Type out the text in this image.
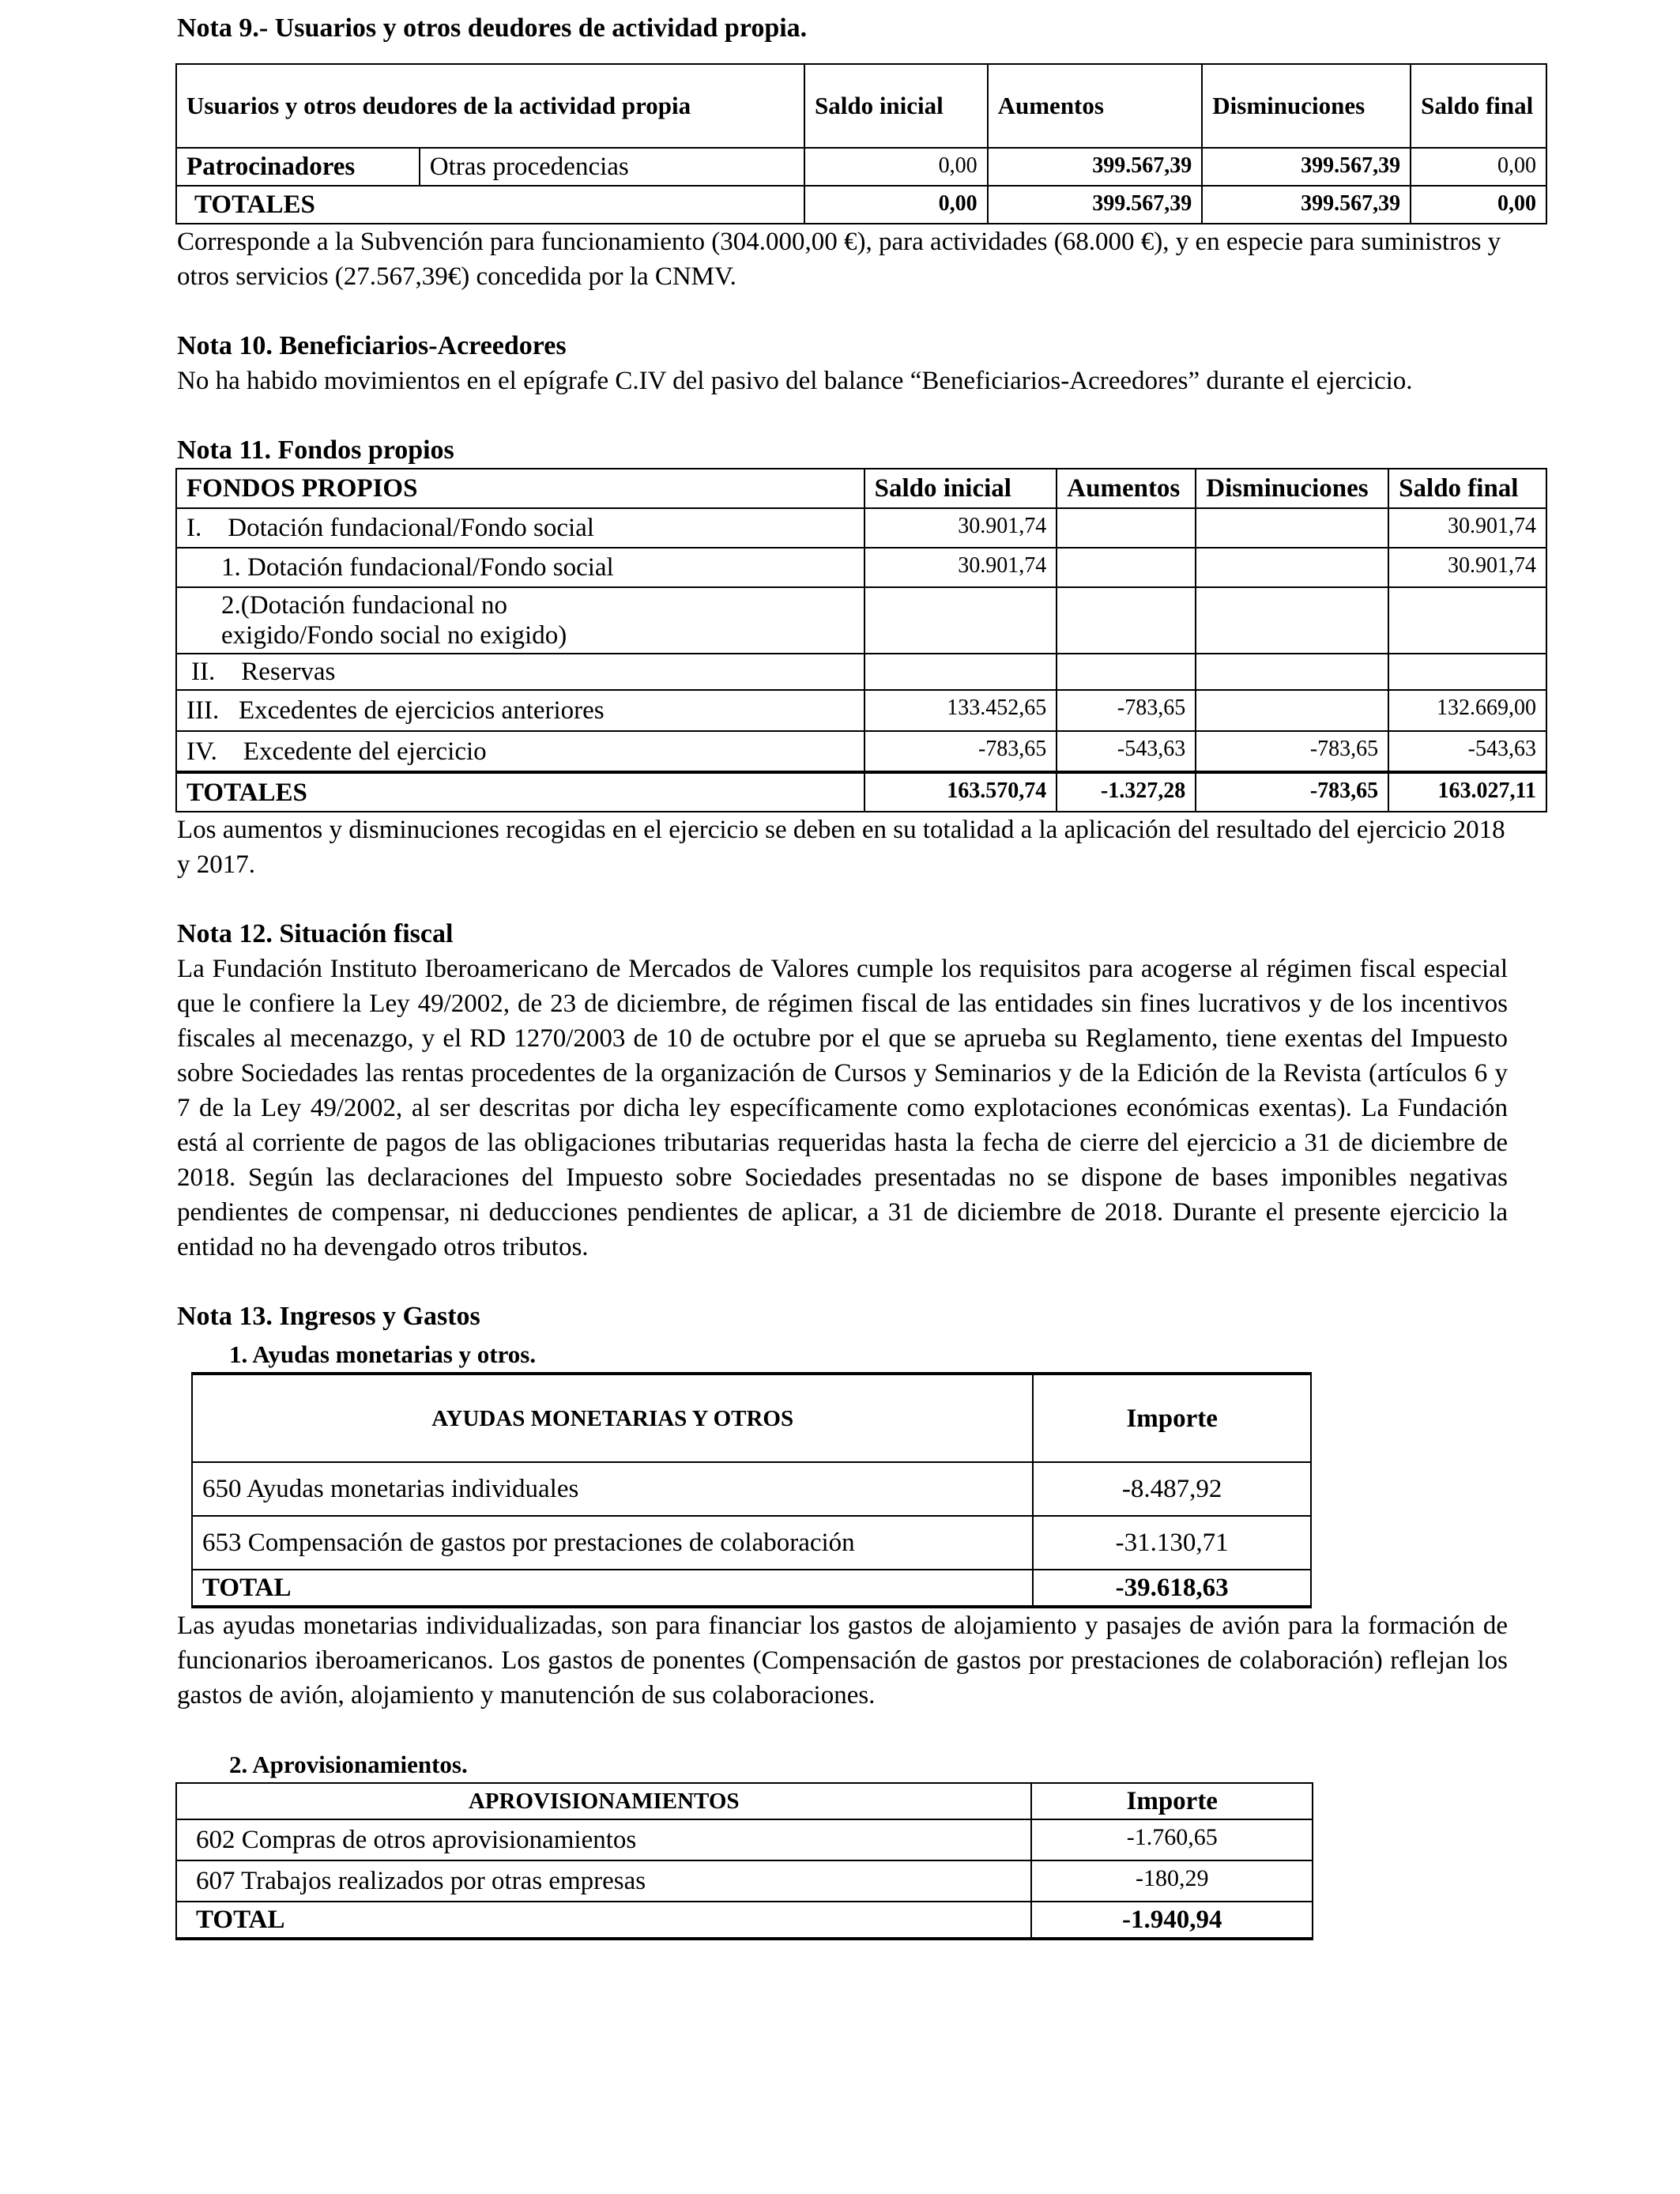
Nota 9.- Usuarios y otros deudores de actividad propia.
Usuarios y otros deudores de la actividad propia		Saldo inicial	Aumentos	Disminuciones	Saldo final
Patrocinadores	Otras procedencias	0,00	399.567,39	399.567,39	0,00
TOTALES		0,00	399.567,39	399.567,39	0,00
Corresponde a la Subvención para funcionamiento (304.000,00 €), para actividades (68.000 €), y en especie para suministros y otros servicios (27.567,39€) concedida por la CNMV.
Nota 10. Beneficiarios-Acreedores
No ha habido movimientos en el epígrafe C.IV del pasivo del balance “Beneficiarios-Acreedores” durante el ejercicio.
Nota 11. Fondos propios
FONDOS PROPIOS	Saldo inicial	Aumentos	Disminuciones	Saldo final
I.    Dotación fundacional/Fondo social	30.901,74			30.901,74
1. Dotación fundacional/Fondo social	30.901,74			30.901,74
2.(Dotación fundacional no exigido/Fondo social no exigido)				
II.    Reservas				
III.   Excedentes de ejercicios anteriores	133.452,65	-783,65		132.669,00
IV.    Excedente del ejercicio	-783,65	-543,63	-783,65	-543,63
TOTALES	163.570,74	-1.327,28	-783,65	163.027,11
Los aumentos y disminuciones recogidas en el ejercicio se deben en su totalidad a la aplicación del resultado del ejercicio 2018 y 2017.
Nota 12. Situación fiscal
La Fundación Instituto Iberoamericano de Mercados de Valores cumple los requisitos para acogerse al régimen fiscal especial que le confiere la Ley 49/2002, de 23 de diciembre, de régimen fiscal de las entidades sin fines lucrativos y de los incentivos fiscales al mecenazgo, y el RD 1270/2003 de 10 de octubre por el que se aprueba su Reglamento, tiene exentas del Impuesto sobre Sociedades las rentas procedentes de la organización de Cursos y Seminarios y de la Edición de la Revista (artículos 6 y 7 de la Ley 49/2002, al ser descritas por dicha ley específicamente como explotaciones económicas exentas). La Fundación está al corriente de pagos de las obligaciones tributarias requeridas hasta la fecha de cierre del ejercicio a 31 de diciembre de 2018. Según las declaraciones del Impuesto sobre Sociedades presentadas no se dispone de bases imponibles negativas pendientes de compensar, ni deducciones pendientes de aplicar, a 31 de diciembre de 2018. Durante el presente ejercicio la entidad no ha devengado otros tributos.
Nota 13. Ingresos y Gastos
1. Ayudas monetarias y otros.
AYUDAS MONETARIAS Y OTROS	Importe
650 Ayudas monetarias individuales	-8.487,92
653 Compensación de gastos por prestaciones de colaboración	-31.130,71
TOTAL	-39.618,63
Las ayudas monetarias individualizadas, son para financiar los gastos de alojamiento y pasajes de avión para la formación de funcionarios iberoamericanos. Los gastos de ponentes (Compensación de gastos por prestaciones de colaboración) reflejan los gastos de avión, alojamiento y manutención de sus colaboraciones.
2. Aprovisionamientos.
APROVISIONAMIENTOS	Importe
602 Compras de otros aprovisionamientos	-1.760,65
607 Trabajos realizados por otras empresas	-180,29
TOTAL	-1.940,94
